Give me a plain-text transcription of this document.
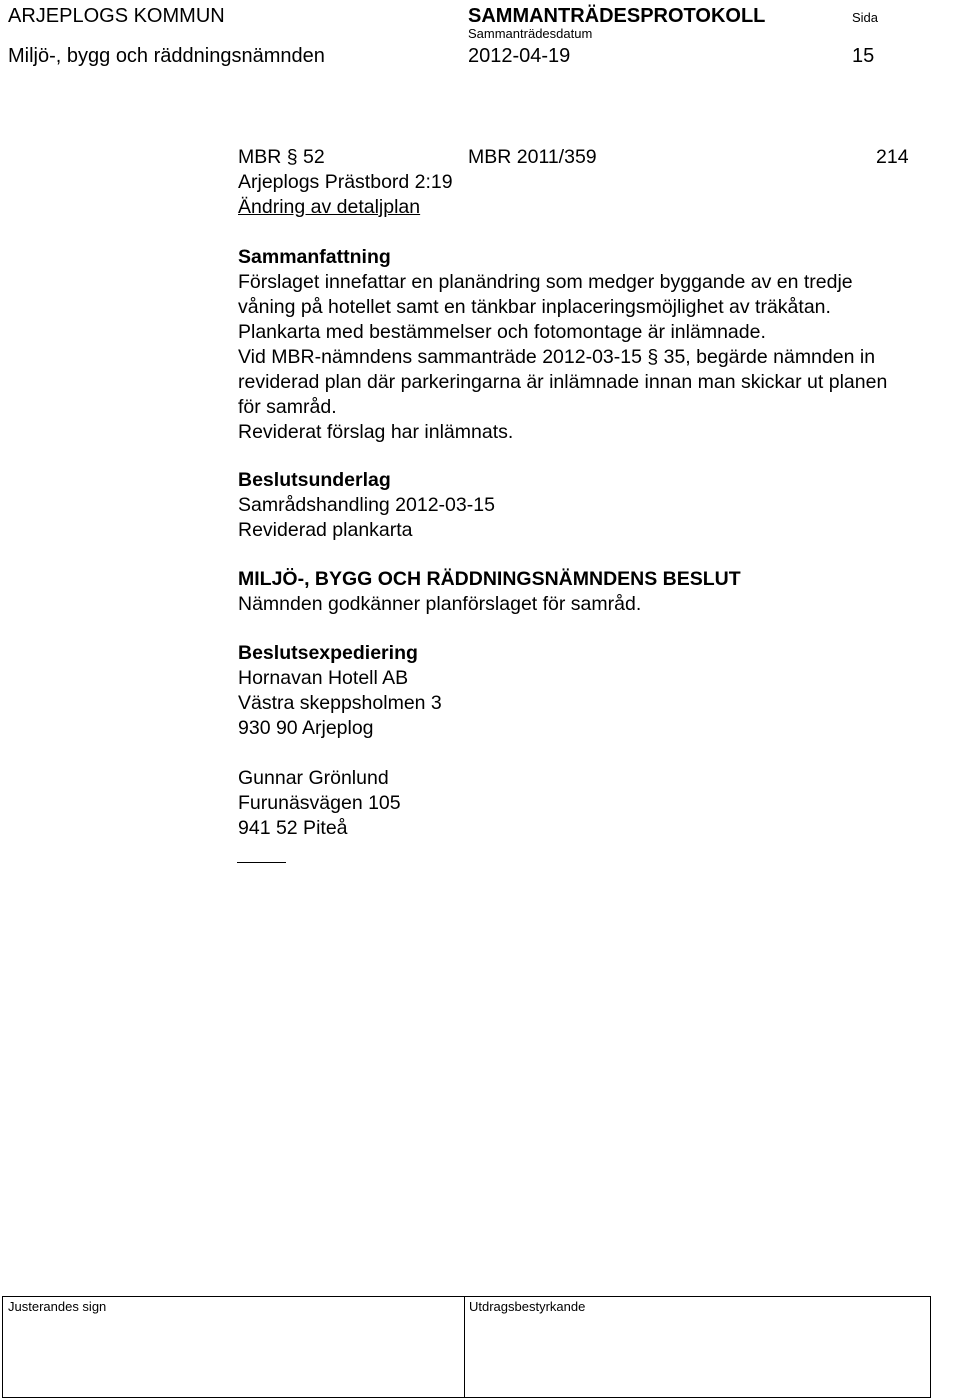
ARJEPLOGS KOMMUN	SAMMANTRÄDESPROTOKOLL	Sida
Sammanträdesdatum
Miljö-, bygg och räddningsnämnden	2012-04-19	15
MBR § 52	MBR 2011/359	214
Arjeplogs Prästbord 2:19
Ändring av detaljplan

Sammanfattning

Förslaget innefattar en planändring som medger byggande av en tredje

våning på hotellet samt en tänkbar inplaceringsmöjlighet av träkåtan.

Plankarta med bestämmelser och fotomontage är inlämnade.

Vid MBR-nämndens sammanträde 2012-03-15 § 35, begärde nämnden in

reviderad plan där parkeringarna är inlämnade innan man skickar ut planen

för samråd.

Reviderat förslag har inlämnats.

Beslutsunderlag

Samrådshandling 2012-03-15

Reviderad plankarta

MILJÖ-, BYGG OCH RÄDDNINGSNÄMNDENS BESLUT

Nämnden godkänner planförslaget för samråd.

Beslutsexpediering

Hornavan Hotell AB

Västra skeppsholmen 3

930 90 Arjeplog

Gunnar Grönlund

Furunäsvägen 105

941 52 Piteå

Justerandes sign	Utdragsbestyrkande
